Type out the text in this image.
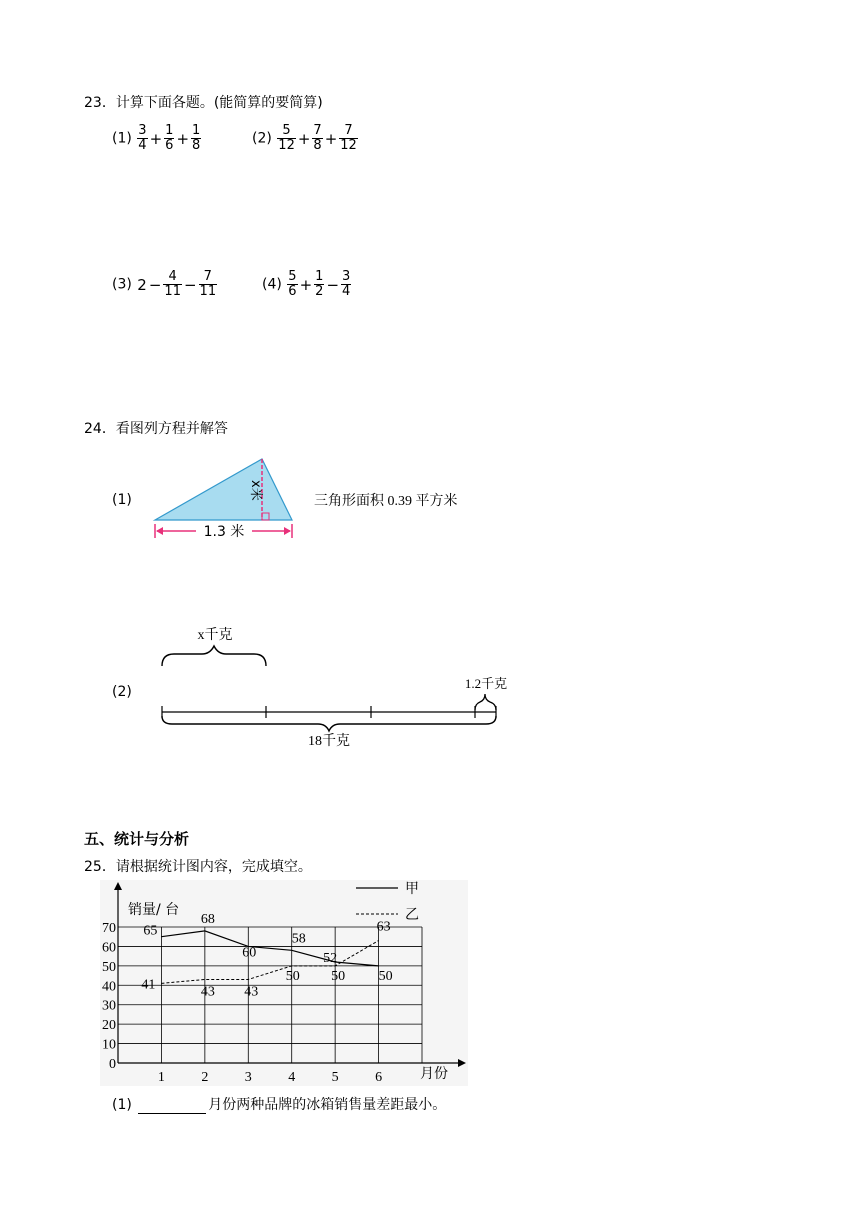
23．计算下面各题。(能简算的要简算)
$(1) \frac{3}{4} + \frac{1}{6} + \frac{1}{8}$	$(2) \frac{5}{12} + \frac{7}{8} + \frac{7}{12}$
(3) $2 - \frac{4}{11} - \frac{7}{11}$	$(4) \frac{5}{6} + \frac{1}{2} - \frac{3}{4}$
24．看图列方程并解答
(1)	x米
1.3 米
三角形面积 0.39 平方米
(2)
x千克
1.2千克
18千克
五、统计与分析
25．请根据统计图内容，完成填空。
0
10
20
30
40
50
60
70
1	2	3	4	5	6
65
68
60
58
52
50
41	43 43
50 50
63
甲
乙
销量/ 台
月份
(1)	月份两种品牌的冰箱销售量差距最小。
